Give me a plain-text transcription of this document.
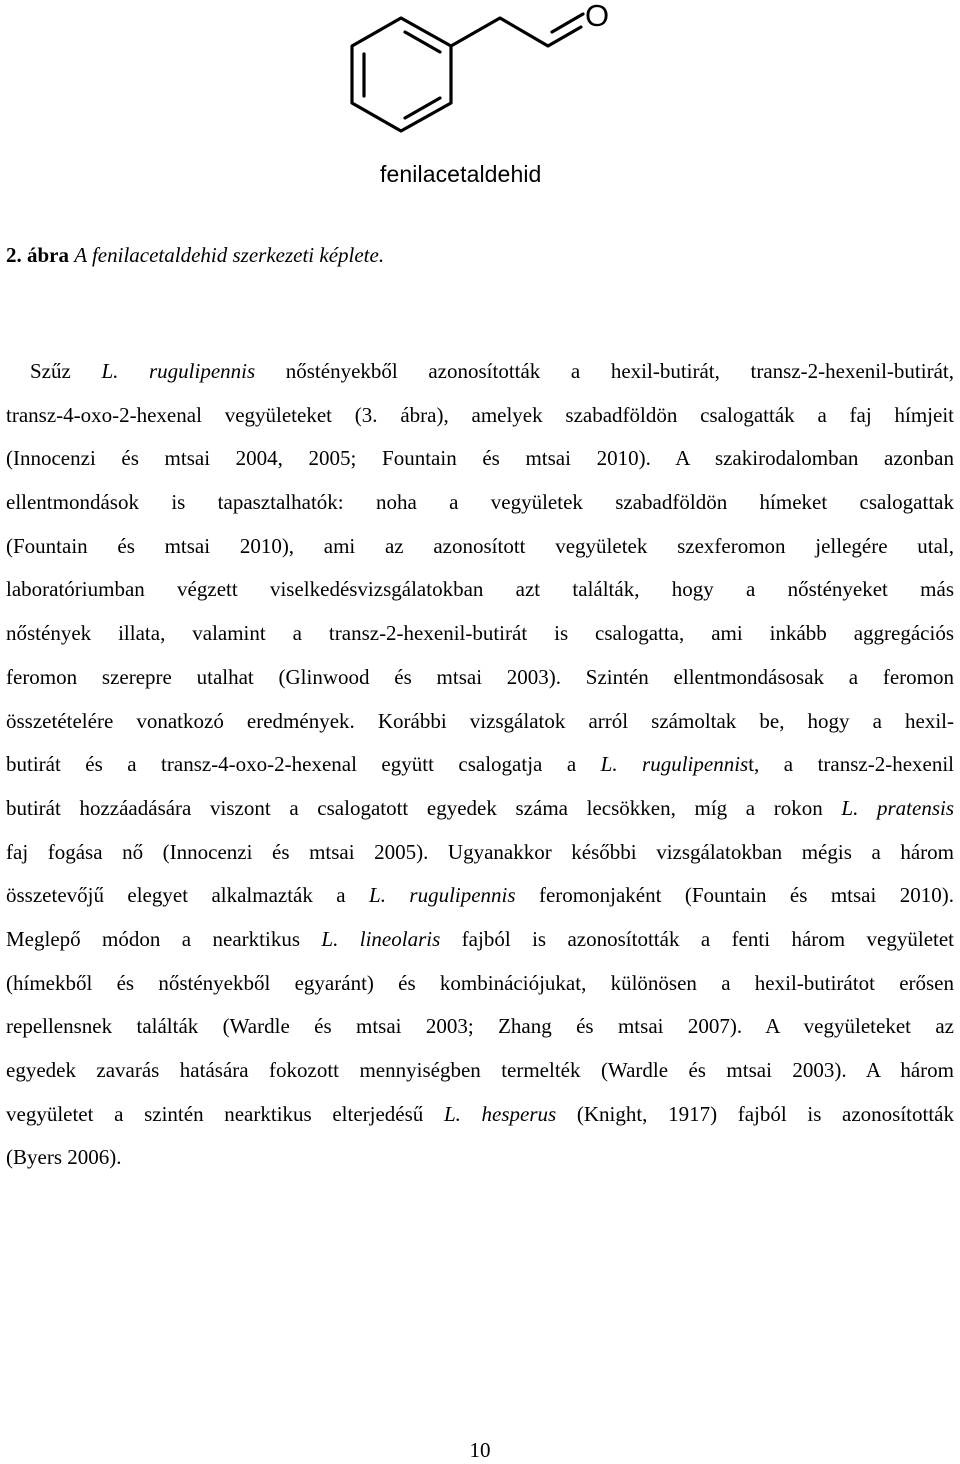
O
fenilacetaldehid
2. ábra A fenilacetaldehid szerkezeti képlete.
Szűz L. rugulipennis nőstényekből azonosították a hexil-butirát, transz-2-hexenil-butirát,
transz-4-oxo-2-hexenal vegyületeket (3. ábra), amelyek szabadföldön csalogatták a faj hímjeit
(Innocenzi és mtsai 2004, 2005; Fountain és mtsai 2010). A szakirodalomban azonban
ellentmondások is tapasztalhatók: noha a vegyületek szabadföldön hímeket csalogattak
(Fountain és mtsai 2010), ami az azonosított vegyületek szexferomon jellegére utal,
laboratóriumban végzett viselkedésvizsgálatokban azt találták, hogy a nőstényeket más
nőstények illata, valamint a transz-2-hexenil-butirát is csalogatta, ami inkább aggregációs
feromon szerepre utalhat (Glinwood és mtsai 2003). Szintén ellentmondásosak a feromon
összetételére vonatkozó eredmények. Korábbi vizsgálatok arról számoltak be, hogy a hexil-
butirát és a transz-4-oxo-2-hexenal együtt csalogatja a L. rugulipennist, a transz-2-hexenil
butirát hozzáadására viszont a csalogatott egyedek száma lecsökken, míg a rokon L. pratensis
faj fogása nő (Innocenzi és mtsai 2005). Ugyanakkor későbbi vizsgálatokban mégis a három
összetevőjű elegyet alkalmazták a L. rugulipennis feromonjaként (Fountain és mtsai 2010).
Meglepő módon a nearktikus L. lineolaris fajból is azonosították a fenti három vegyületet
(hímekből és nőstényekből egyaránt) és kombinációjukat, különösen a hexil-butirátot erősen
repellensnek találták (Wardle és mtsai 2003; Zhang és mtsai 2007). A vegyületeket az
egyedek zavarás hatására fokozott mennyiségben termelték (Wardle és mtsai 2003). A három
vegyületet a szintén nearktikus elterjedésű L. hesperus (Knight, 1917) fajból is azonosították
(Byers 2006).
10
